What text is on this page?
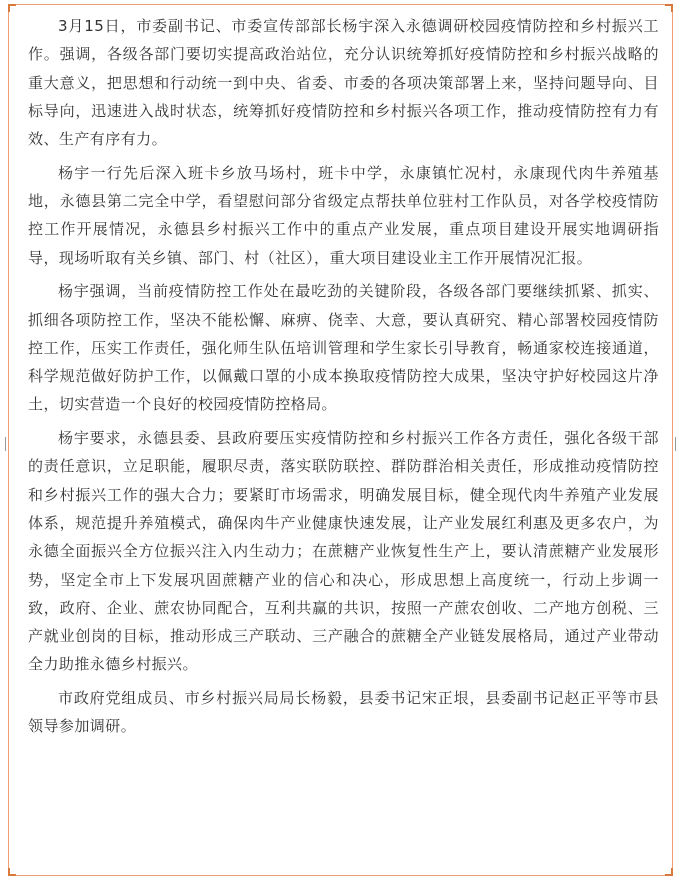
3月15日，市委副书记、市委宣传部部长杨宇深入永德调研校园疫情防控和乡村振兴工作。强调，各级各部门要切实提高政治站位，充分认识统筹抓好疫情防控和乡村振兴战略的重大意义，把思想和行动统一到中央、省委、市委的各项决策部署上来，坚持问题导向、目标导向，迅速进入战时状态，统筹抓好疫情防控和乡村振兴各项工作，推动疫情防控有力有效、生产有序有力。

杨宇一行先后深入班卡乡放马场村，班卡中学，永康镇忙况村，永康现代肉牛养殖基地，永德县第二完全中学，看望慰问部分省级定点帮扶单位驻村工作队员，对各学校疫情防控工作开展情况，永德县乡村振兴工作中的重点产业发展，重点项目建设开展实地调研指导，现场听取有关乡镇、部门、村（社区），重大项目建设业主工作开展情况汇报。

杨宇强调，当前疫情防控工作处在最吃劲的关键阶段，各级各部门要继续抓紧、抓实、抓细各项防控工作，坚决不能松懈、麻痹、侥幸、大意，要认真研究、精心部署校园疫情防控工作，压实工作责任，强化师生队伍培训管理和学生家长引导教育，畅通家校连接通道，科学规范做好防护工作，以佩戴口罩的小成本换取疫情防控大成果，坚决守护好校园这片净土，切实营造一个良好的校园疫情防控格局。

杨宇要求，永德县委、县政府要压实疫情防控和乡村振兴工作各方责任，强化各级干部的责任意识，立足职能，履职尽责，落实联防联控、群防群治相关责任，形成推动疫情防控和乡村振兴工作的强大合力；要紧盯市场需求，明确发展目标，健全现代肉牛养殖产业发展体系，规范提升养殖模式，确保肉牛产业健康快速发展，让产业发展红利惠及更多农户，为永德全面振兴全方位振兴注入内生动力；在蔗糖产业恢复性生产上，要认清蔗糖产业发展形势，坚定全市上下发展巩固蔗糖产业的信心和决心，形成思想上高度统一，行动上步调一致，政府、企业、蔗农协同配合，互利共赢的共识，按照一产蔗农创收、二产地方创税、三产就业创岗的目标，推动形成三产联动、三产融合的蔗糖全产业链发展格局，通过产业带动全力助推永德乡村振兴。

市政府党组成员、市乡村振兴局局长杨毅，县委书记宋正垠，县委副书记赵正平等市县领导参加调研。
